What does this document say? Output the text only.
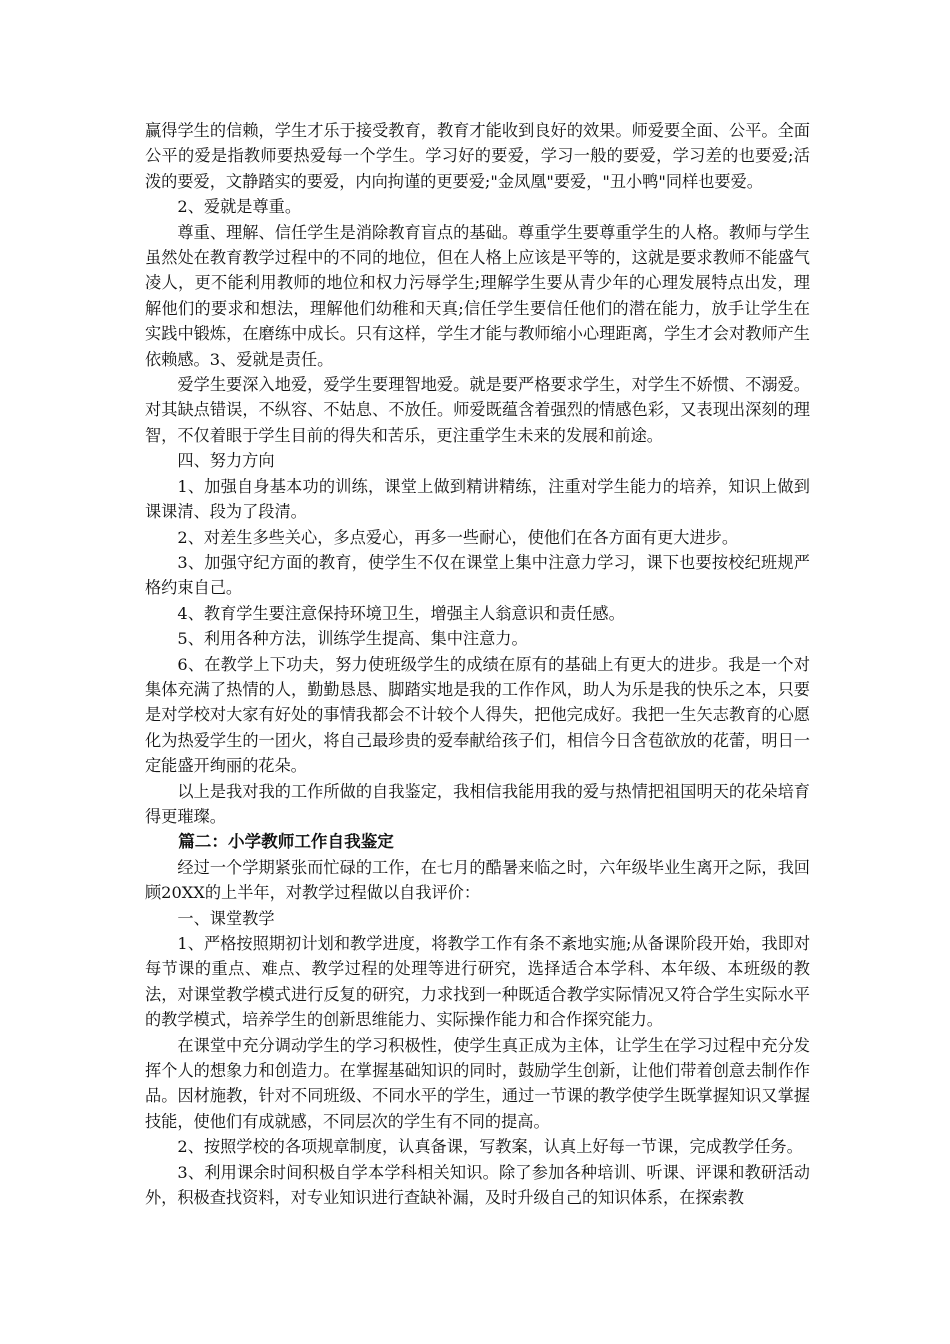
赢得学生的信赖，学生才乐于接受教育，教育才能收到良好的效果。师爱要全面、公平。全面公平的爱是指教师要热爱每一个学生。学习好的要爱，学习一般的要爱，学习差的也要爱;活泼的要爱，文静踏实的要爱，内向拘谨的更要爱;"金凤凰"要爱，"丑小鸭"同样也要爱。

2、爱就是尊重。

尊重、理解、信任学生是消除教育盲点的基础。尊重学生要尊重学生的人格。教师与学生虽然处在教育教学过程中的不同的地位，但在人格上应该是平等的，这就是要求教师不能盛气凌人，更不能利用教师的地位和权力污辱学生;理解学生要从青少年的心理发展特点出发，理解他们的要求和想法，理解他们幼稚和天真;信任学生要信任他们的潜在能力，放手让学生在实践中锻炼，在磨练中成长。只有这样，学生才能与教师缩小心理距离，学生才会对教师产生依赖感。3、爱就是责任。

爱学生要深入地爱，爱学生要理智地爱。就是要严格要求学生，对学生不娇惯、不溺爱。对其缺点错误，不纵容、不姑息、不放任。师爱既蕴含着强烈的情感色彩，又表现出深刻的理智，不仅着眼于学生目前的得失和苦乐，更注重学生未来的发展和前途。

四、努力方向

1、加强自身基本功的训练，课堂上做到精讲精练，注重对学生能力的培养，知识上做到课课清、段为了段清。

2、对差生多些关心，多点爱心，再多一些耐心，使他们在各方面有更大进步。

3、加强守纪方面的教育，使学生不仅在课堂上集中注意力学习，课下也要按校纪班规严格约束自己。

4、教育学生要注意保持环境卫生，增强主人翁意识和责任感。

5、利用各种方法，训练学生提高、集中注意力。

6、在教学上下功夫，努力使班级学生的成绩在原有的基础上有更大的进步。我是一个对集体充满了热情的人，勤勤恳恳、脚踏实地是我的工作作风，助人为乐是我的快乐之本，只要是对学校对大家有好处的事情我都会不计较个人得失，把他完成好。我把一生矢志教育的心愿化为热爱学生的一团火，将自己最珍贵的爱奉献给孩子们，相信今日含苞欲放的花蕾，明日一定能盛开绚丽的花朵。

以上是我对我的工作所做的自我鉴定，我相信我能用我的爱与热情把祖国明天的花朵培育得更璀璨。

篇二：小学教师工作自我鉴定

经过一个学期紧张而忙碌的工作，在七月的酷暑来临之时，六年级毕业生离开之际，我回顾20XX的上半年，对教学过程做以自我评价：

一、课堂教学

1、严格按照期初计划和教学进度，将教学工作有条不紊地实施;从备课阶段开始，我即对每节课的重点、难点、教学过程的处理等进行研究，选择适合本学科、本年级、本班级的教法，对课堂教学模式进行反复的研究，力求找到一种既适合教学实际情况又符合学生实际水平的教学模式，培养学生的创新思维能力、实际操作能力和合作探究能力。

在课堂中充分调动学生的学习积极性，使学生真正成为主体，让学生在学习过程中充分发挥个人的想象力和创造力。在掌握基础知识的同时，鼓励学生创新，让他们带着创意去制作作品。因材施教，针对不同班级、不同水平的学生，通过一节课的教学使学生既掌握知识又掌握技能，使他们有成就感，不同层次的学生有不同的提高。

2、按照学校的各项规章制度，认真备课，写教案，认真上好每一节课，完成教学任务。

3、利用课余时间积极自学本学科相关知识。除了参加各种培训、听课、评课和教研活动外，积极查找资料，对专业知识进行查缺补漏，及时升级自己的知识体系，在探索教
